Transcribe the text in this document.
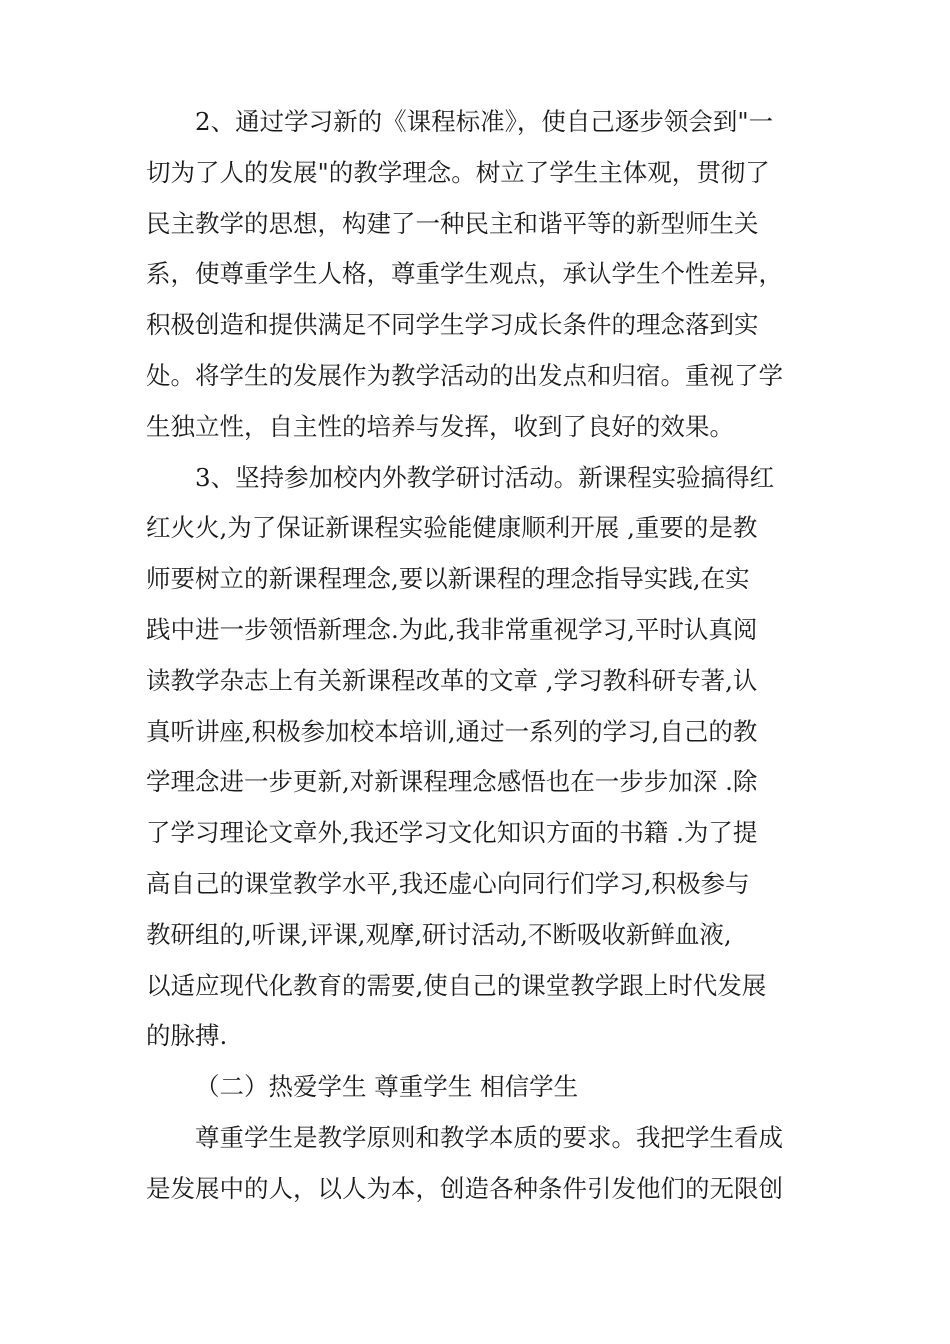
2、通过学习新的《课程标准》，使自己逐步领会到"一
切为了人的发展"的教学理念。树立了学生主体观，贯彻了
民主教学的思想，构建了一种民主和谐平等的新型师生关
系，使尊重学生人格，尊重学生观点，承认学生个性差异，
积极创造和提供满足不同学生学习成长条件的理念落到实
处。将学生的发展作为教学活动的出发点和归宿。重视了学
生独立性，自主性的培养与发挥，收到了良好的效果。
3、坚持参加校内外教学研讨活动。新课程实验搞得红
红火火,为了保证新课程实验能健康顺利开展 ,重要的是教
师要树立的新课程理念,要以新课程的理念指导实践,在实
践中进一步领悟新理念.为此,我非常重视学习,平时认真阅
读教学杂志上有关新课程改革的文章 ,学习教科研专著,认
真听讲座,积极参加校本培训,通过一系列的学习,自己的教
学理念进一步更新,对新课程理念感悟也在一步步加深 .除
了学习理论文章外,我还学习文化知识方面的书籍 .为了提
高自己的课堂教学水平,我还虚心向同行们学习,积极参与
教研组的,听课,评课,观摩,研讨活动,不断吸收新鲜血液,
以适应现代化教育的需要,使自己的课堂教学跟上时代发展
的脉搏.
（二）热爱学生 尊重学生 相信学生
尊重学生是教学原则和教学本质的要求。我把学生看成
是发展中的人，以人为本，创造各种条件引发他们的无限创
